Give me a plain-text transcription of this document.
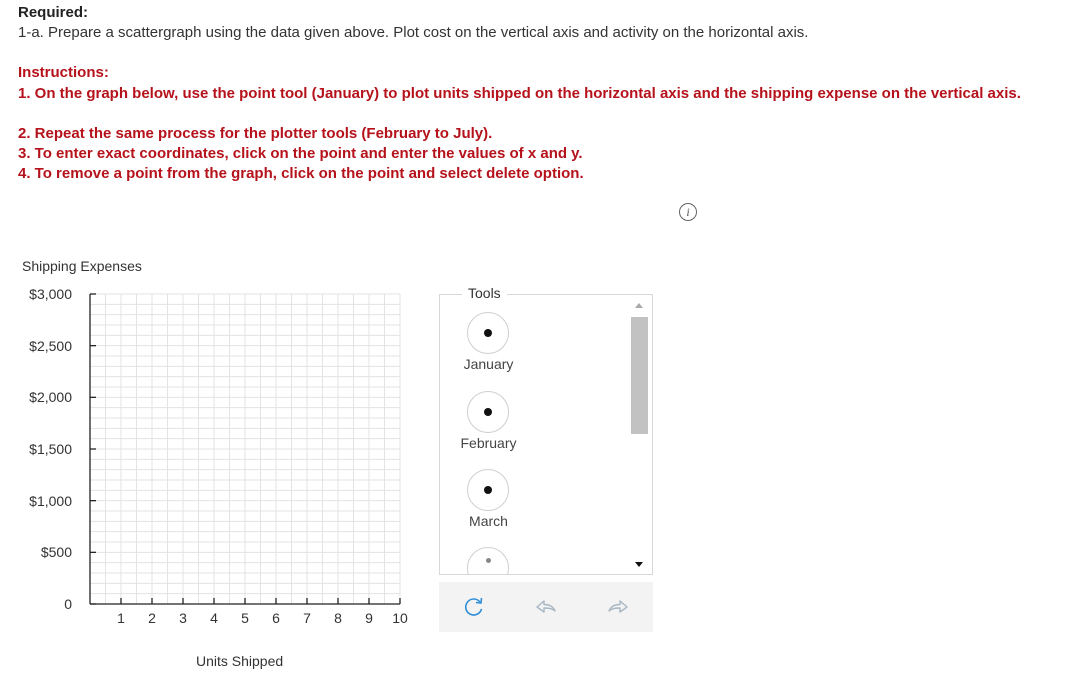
Required:
1-a. Prepare a scattergraph using the data given above. Plot cost on the vertical axis and activity on the horizontal axis.
Instructions:
1. On the graph below, use the point tool (January) to plot units shipped on the horizontal axis and the shipping expense on the vertical axis.
2. Repeat the same process for the plotter tools (February to July).
3. To enter exact coordinates, click on the point and enter the values of x and y.
4. To remove a point from the graph, click on the point and select delete option.
i
Shipping Expenses
$3,000
$2,500
$2,000
$1,500
$1,000
$500
0
1	2	3	4	5	6	7	8	9	10
Units Shipped
January
February
March
Tools
